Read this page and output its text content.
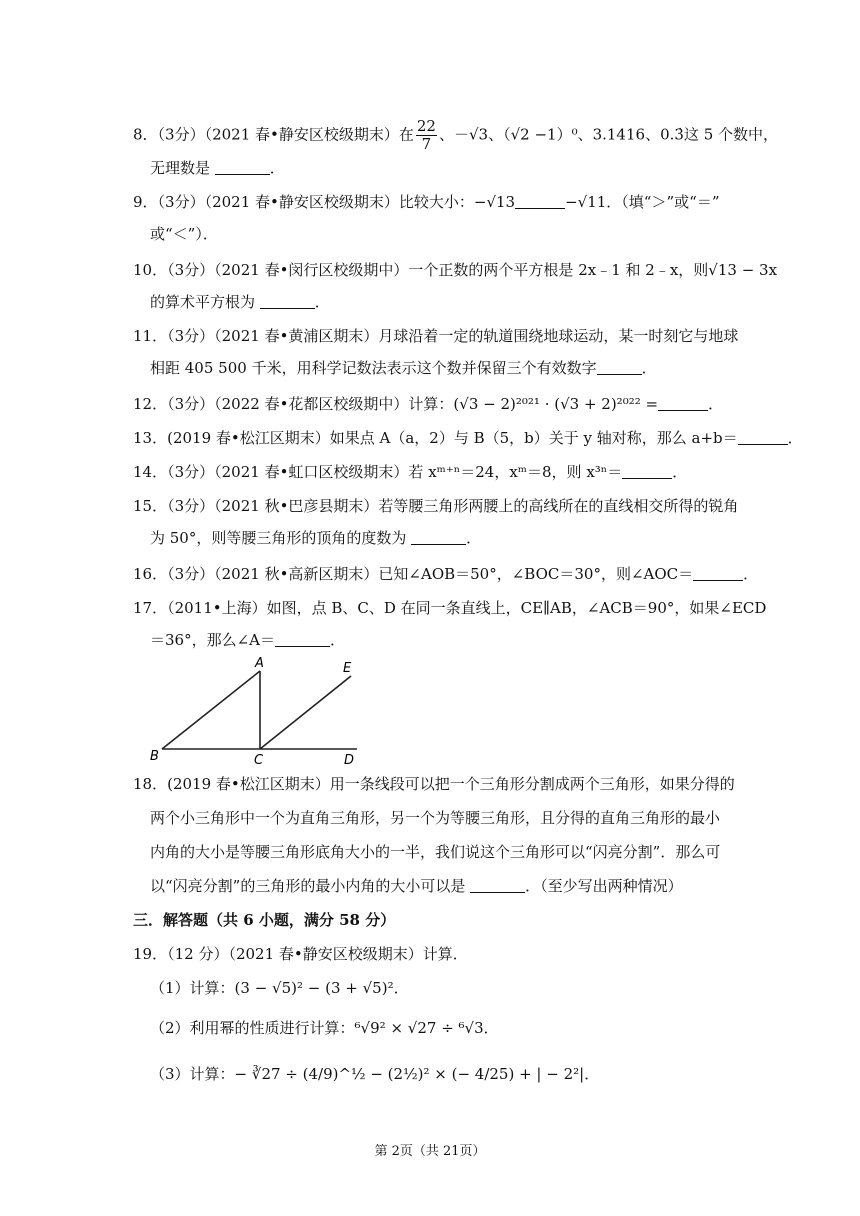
8．（3分）（2021 春•静安区校级期末）在 $\frac{22}{7}$ 、－√3、（√2 −1）⁰、3.1416、0.3̇这 5 个数中，
无理数是	．
9．（3分）（2021 春•静安区校级期末）比较大小：−√13	−√11．（填“＞”或“＝”
或“＜”）．
10．（3分）（2021 春•闵行区校级期中）一个正数的两个平方根是 2x﹣1 和 2﹣x，则√13 − 3x
的算术平方根为	．
11．（3分）（2021 春•黄浦区期末）月球沿着一定的轨道围绕地球运动，某一时刻它与地球
相距 405 500 千米，用科学记数法表示这个数并保留三个有效数字	．
12．（3分）（2022 春•花都区校级期中）计算：(√3 − 2)²⁰²¹ · (√3 + 2)²⁰²² =	．
13．(2019 春•松江区期末）如果点 A（a，2）与 B（5，b）关于 y 轴对称，那么 a+b＝	．
14．（3分）（2021 春•虹口区校级期末）若 xᵐ⁺ⁿ＝24，xᵐ＝8，则 x³ⁿ＝	．
15．（3分）（2021 秋•巴彦县期末）若等腰三角形两腰上的高线所在的直线相交所得的锐角
为 50°，则等腰三角形的顶角的度数为	．
16．（3分）（2021 秋•高新区期末）已知∠AOB＝50°，∠BOC＝30°，则∠AOC＝	．
17．（2011•上海）如图，点 B、C、D 在同一条直线上，CE∥AB，∠ACB＝90°，如果∠ECD
＝36°，那么∠A＝	．
A
B	C	D
E
18．(2019 春•松江区期末）用一条线段可以把一个三角形分割成两个三角形，如果分得的
两个小三角形中一个为直角三角形，另一个为等腰三角形，且分得的直角三角形的最小
内角的大小是等腰三角形底角大小的一半，我们说这个三角形可以“闪亮分割”．那么可
以“闪亮分割”的三角形的最小内角的大小可以是	．（至少写出两种情况）
三．解答题（共 6 小题，满分 58 分）
19．（12 分）（2021 春•静安区校级期末）计算．
（1）计算：(3 − √5)² − (3 + √5)²．
（2）利用幂的性质进行计算：⁶√9² × √27 ÷ ⁶√3．
（3）计算：− ∛27 ÷ (4/9)^½ − (2½)² × (− 4/25) + | − 2²|．
第 2页（共 21页）
